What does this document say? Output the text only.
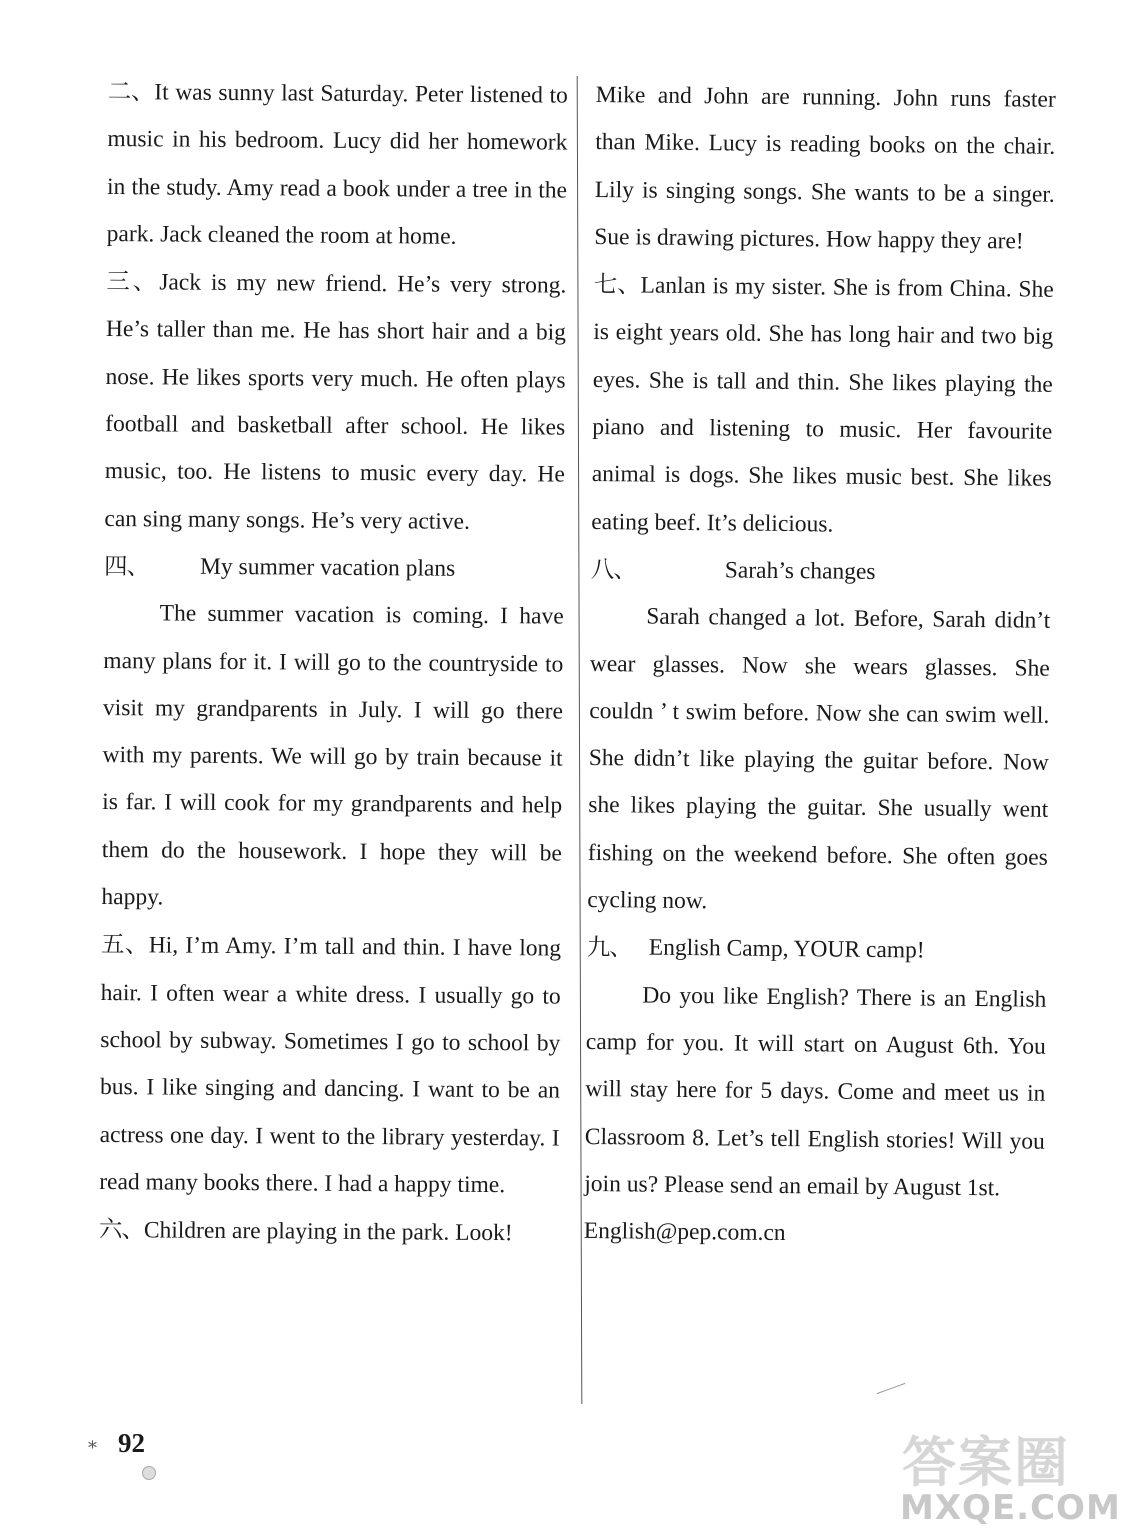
二、It was sunny last Saturday. Peter listened to music in his bedroom. Lucy did her homework in the study. Amy read a book under a tree in the park. Jack cleaned the room at home.

三、Jack is my new friend. He’s very strong. He’s taller than me. He has short hair and a big nose. He likes sports very much. He often plays football and basketball after school. He likes music, too. He listens to music every day. He can sing many songs. He’s very active.

四、	My summer vacation plans

The summer vacation is coming. I have many plans for it. I will go to the countryside to visit my grandparents in July. I will go there with my parents. We will go by train because it is far. I will cook for my grandparents and help them do the housework. I hope they will be happy.

五、Hi, I’m Amy. I’m tall and thin. I have long hair. I often wear a white dress. I usually go to school by subway. Sometimes I go to school by bus. I like singing and dancing. I want to be an actress one day. I went to the library yesterday. I read many books there. I had a happy time.

六、Children are playing in the park. Look!

Mike and John are running. John runs faster than Mike. Lucy is reading books on the chair. Lily is singing songs. She wants to be a singer. Sue is drawing pictures. How happy they are!

七、Lanlan is my sister. She is from China. She is eight years old. She has long hair and two big eyes. She is tall and thin. She likes playing the piano and listening to music. Her favourite animal is dogs. She likes music best. She likes eating beef. It’s delicious.

八、	Sarah’s changes

Sarah changed a lot. Before, Sarah didn’t wear glasses. Now she wears glasses. She couldn ’ t swim before. Now she can swim well. She didn’t like playing the guitar before. Now she likes playing the guitar. She usually went fishing on the weekend before. She often goes cycling now.

九、 English Camp, YOUR camp!

Do you like English? There is an English camp for you. It will start on August 6th. You will stay here for 5 days. Come and meet us in Classroom 8. Let’s tell English stories! Will you join us? Please send an email by August 1st.

English@pep.com.cn

⁎ 92	答案圈
MXQE.COM
